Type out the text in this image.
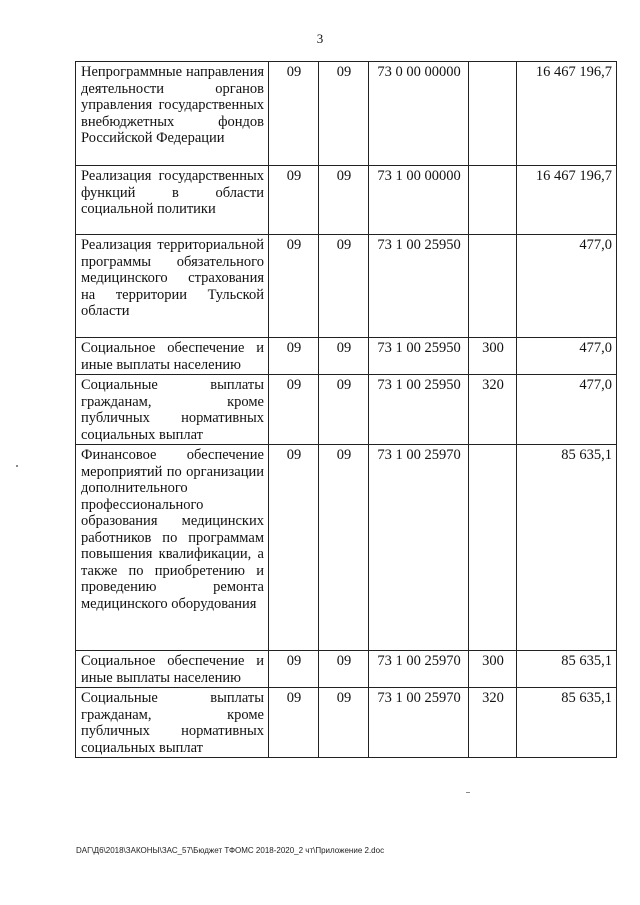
3
Непрограммные направления деятельности органов управления государственных внебюджетных фондов Российской Федерации	09	09	73 0 00 00000		16 467 196,7
Реализация государственных функций в области социальной политики	09	09	73 1 00 00000		16 467 196,7
Реализация территориальной программы обязательного медицинского страхования на территории Тульской области	09	09	73 1 00 25950		477,0
Социальное обеспечение и иные выплаты населению	09	09	73 1 00 25950	300	477,0
Социальные выплаты гражданам, кроме публичных нормативных социальных выплат	09	09	73 1 00 25950	320	477,0
Финансовое обеспечение мероприятий по организации дополнительного профессионального образования медицинских работников по программам повышения квалификации, а также по приобретению и проведению ремонта медицинского оборудования	09	09	73 1 00 25970		85 635,1
Социальное обеспечение и иные выплаты населению	09	09	73 1 00 25970	300	85 635,1
Социальные выплаты гражданам, кроме публичных нормативных социальных выплат	09	09	73 1 00 25970	320	85 635,1
DAГ\Д6\2018\ЗАКОНЫ\ЗАС_57\Бюджет ТФОМС 2018-2020_2 чт\Приложение 2.doc
